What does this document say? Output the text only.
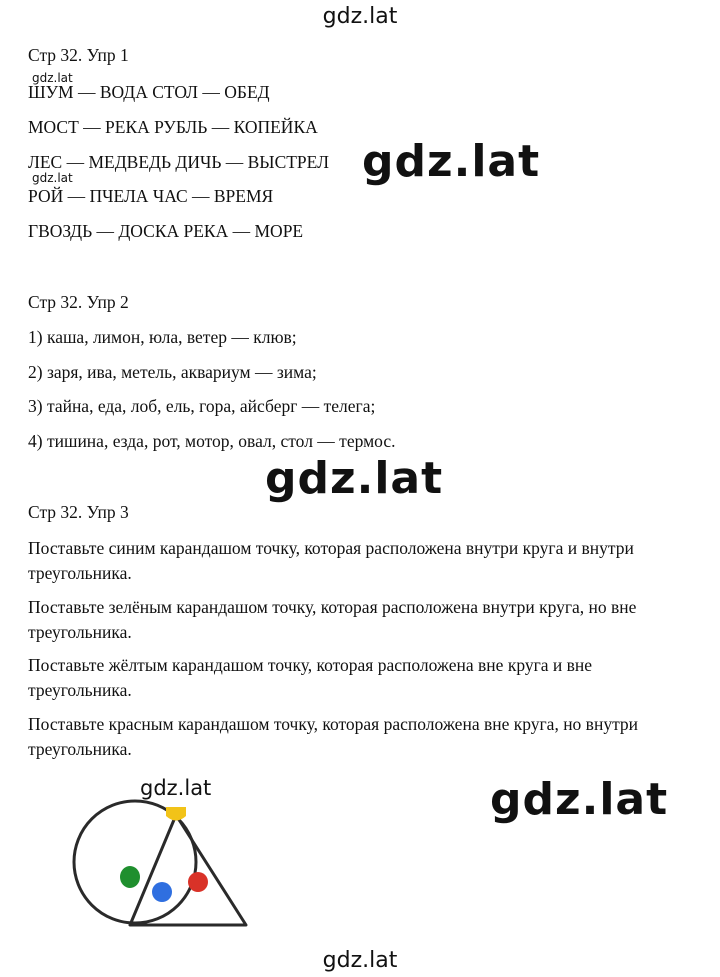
gdz.lat
gdz.lat
gdz.lat	gdz.lat
gdz.lat
gdz.lat	gdz.lat
gdz.lat
Стр 32. Упр 1
ШУМ — ВОДА СТОЛ — ОБЕД
МОСТ — РЕКА РУБЛЬ — КОПЕЙКА
ЛЕС — МЕДВЕДЬ ДИЧЬ — ВЫСТРЕЛ
РОЙ — ПЧЕЛА ЧАС — ВРЕМЯ
ГВОЗДЬ — ДОСКА РЕКА — МОРЕ
Стр 32. Упр 2
1) каша, лимон, юла, ветер — клюв;
2) заря, ива, метель, аквариум — зима;
3) тайна, еда, лоб, ель, гора, айсберг — телега;
4) тишина, езда, рот, мотор, овал, стол — термос.
Стр 32. Упр 3
Поставьте синим карандашом точку, которая расположена внутри круга и внутри треугольника.
Поставьте зелёным карандашом точку, которая расположена внутри круга, но вне треугольника.
Поставьте жёлтым карандашом точку, которая расположена вне круга и вне треугольника.
Поставьте красным карандашом точку, которая расположена вне круга, но внутри треугольника.
